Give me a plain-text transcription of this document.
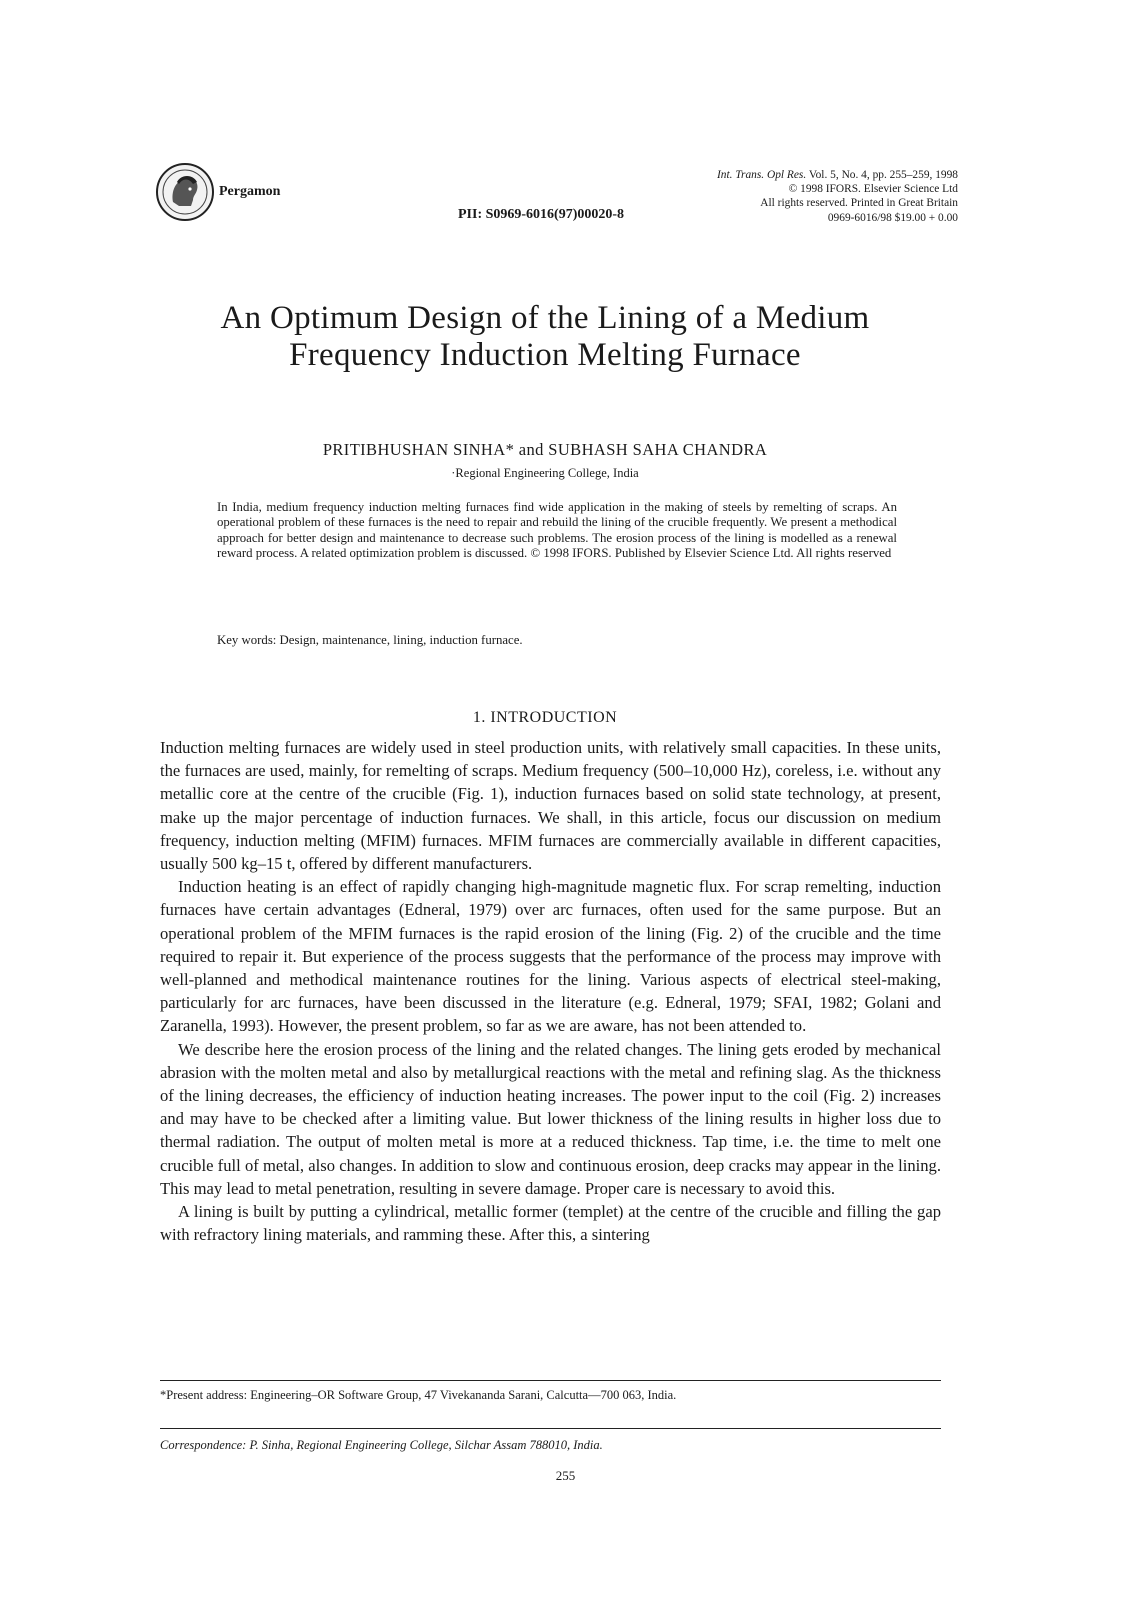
Pergamon
Int. Trans. Opl Res. Vol. 5, No. 4, pp. 255–259, 1998
© 1998 IFORS. Elsevier Science Ltd
All rights reserved. Printed in Great Britain
0969-6016/98 $19.00 + 0.00
PII: S0969-6016(97)00020-8
An Optimum Design of the Lining of a Medium Frequency Induction Melting Furnace
PRITIBHUSHAN SINHA* and SUBHASH SAHA CHANDRA
·Regional Engineering College, India

In India, medium frequency induction melting furnaces find wide application in the making of steels by remelting of scraps. An operational problem of these furnaces is the need to repair and rebuild the lining of the crucible frequently. We present a methodical approach for better design and maintenance to decrease such problems. The erosion process of the lining is modelled as a renewal reward process. A related optimization problem is discussed. © 1998 IFORS. Published by Elsevier Science Ltd. All rights reserved

Key words: Design, maintenance, lining, induction furnace.
1. INTRODUCTION

Induction melting furnaces are widely used in steel production units, with relatively small capacities. In these units, the furnaces are used, mainly, for remelting of scraps. Medium frequency (500–10,000 Hz), coreless, i.e. without any metallic core at the centre of the crucible (Fig. 1), induction furnaces based on solid state technology, at present, make up the major percentage of induction furnaces. We shall, in this article, focus our discussion on medium frequency, induction melting (MFIM) furnaces. MFIM furnaces are commercially available in different capacities, usually 500 kg–15 t, offered by different manufacturers.

Induction heating is an effect of rapidly changing high-magnitude magnetic flux. For scrap remelting, induction furnaces have certain advantages (Edneral, 1979) over arc furnaces, often used for the same purpose. But an operational problem of the MFIM furnaces is the rapid erosion of the lining (Fig. 2) of the crucible and the time required to repair it. But experience of the process suggests that the performance of the process may improve with well-planned and methodical maintenance routines for the lining. Various aspects of electrical steel-making, particularly for arc furnaces, have been discussed in the literature (e.g. Edneral, 1979; SFAI, 1982; Golani and Zaranella, 1993). However, the present problem, so far as we are aware, has not been attended to.

We describe here the erosion process of the lining and the related changes. The lining gets eroded by mechanical abrasion with the molten metal and also by metallurgical reactions with the metal and refining slag. As the thickness of the lining decreases, the efficiency of induction heating increases. The power input to the coil (Fig. 2) increases and may have to be checked after a limiting value. But lower thickness of the lining results in higher loss due to thermal radiation. The output of molten metal is more at a reduced thickness. Tap time, i.e. the time to melt one crucible full of metal, also changes. In addition to slow and continuous erosion, deep cracks may appear in the lining. This may lead to metal penetration, resulting in severe damage. Proper care is necessary to avoid this.

A lining is built by putting a cylindrical, metallic former (templet) at the centre of the crucible and filling the gap with refractory lining materials, and ramming these. After this, a sintering

*Present address: Engineering–OR Software Group, 47 Vivekananda Sarani, Calcutta—700 063, India.
Correspondence: P. Sinha, Regional Engineering College, Silchar Assam 788010, India.
255
